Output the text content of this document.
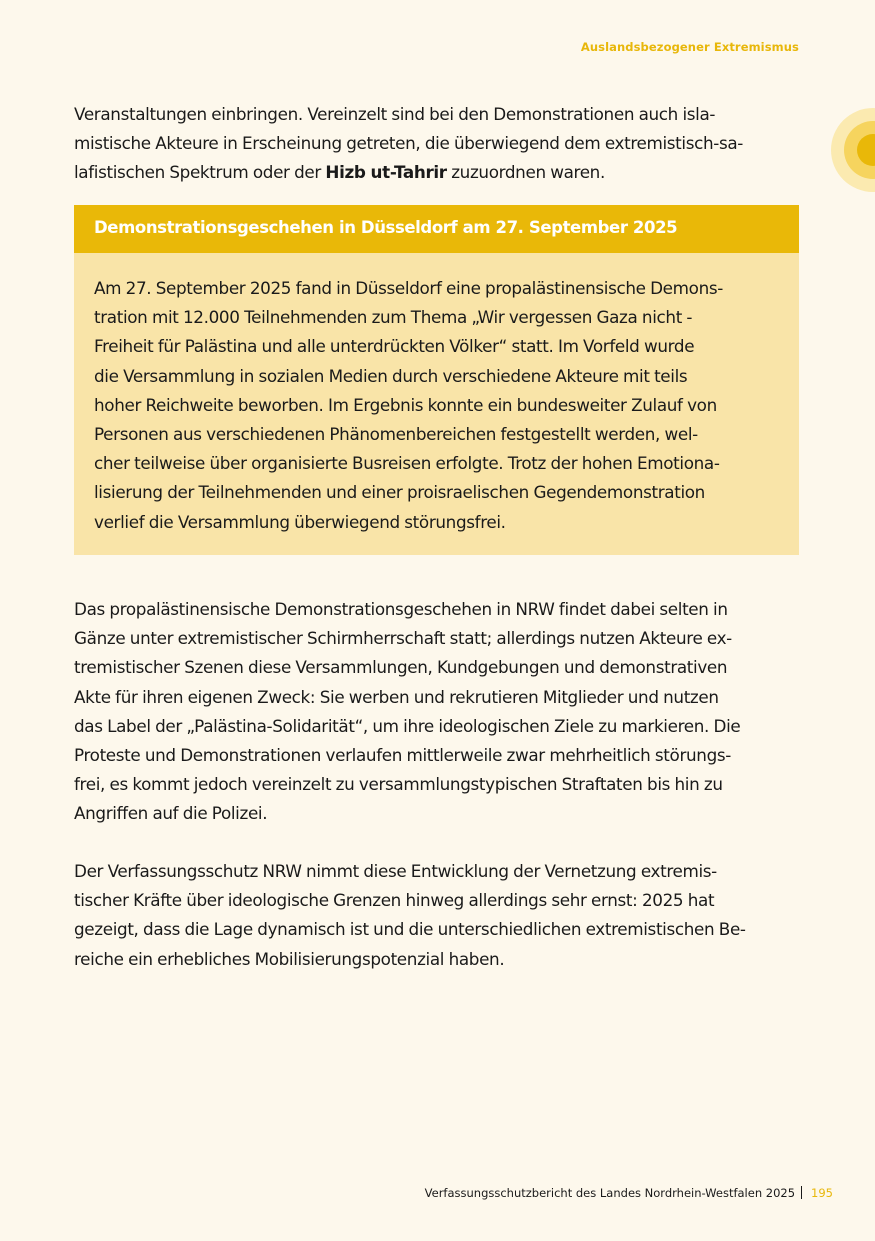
Auslandsbezogener Extremismus

Veranstaltungen einbringen. Vereinzelt sind bei den Demonstrationen auch isla-
mistische Akteure in Erscheinung getreten, die überwiegend dem extremistisch-sa-
lafistischen Spektrum oder der Hizb ut-Tahrir zuzuordnen waren.

Demonstrationsgeschehen in Düsseldorf am 27. September 2025
Am 27. September 2025 fand in Düsseldorf eine propalästinensische Demons-
tration mit 12.000 Teilnehmenden zum Thema „Wir vergessen Gaza nicht -
Freiheit für Palästina und alle unterdrückten Völker“ statt. Im Vorfeld wurde
die Versammlung in sozialen Medien durch verschiedene Akteure mit teils
hoher Reichweite beworben. Im Ergebnis konnte ein bundesweiter Zulauf von
Personen aus verschiedenen Phänomenbereichen festgestellt werden, wel-
cher teilweise über organisierte Busreisen erfolgte. Trotz der hohen Emotiona-
lisierung der Teilnehmenden und einer proisraelischen Gegendemonstration
verlief die Versammlung überwiegend störungsfrei.

Das propalästinensische Demonstrationsgeschehen in NRW findet dabei selten in
Gänze unter extremistischer Schirmherrschaft statt; allerdings nutzen Akteure ex-
tremistischer Szenen diese Versammlungen, Kundgebungen und demonstrativen
Akte für ihren eigenen Zweck: Sie werben und rekrutieren Mitglieder und nutzen
das Label der „Palästina-Solidarität“, um ihre ideologischen Ziele zu markieren. Die
Proteste und Demonstrationen verlaufen mittlerweile zwar mehrheitlich störungs-
frei, es kommt jedoch vereinzelt zu versammlungstypischen Straftaten bis hin zu
Angriffen auf die Polizei.

Der Verfassungsschutz NRW nimmt diese Entwicklung der Vernetzung extremis-
tischer Kräfte über ideologische Grenzen hinweg allerdings sehr ernst: 2025 hat
gezeigt, dass die Lage dynamisch ist und die unterschiedlichen extremistischen Be-
reiche ein erhebliches Mobilisierungspotenzial haben.

Verfassungsschutzbericht des Landes Nordrhein-Westfalen 2025 195
